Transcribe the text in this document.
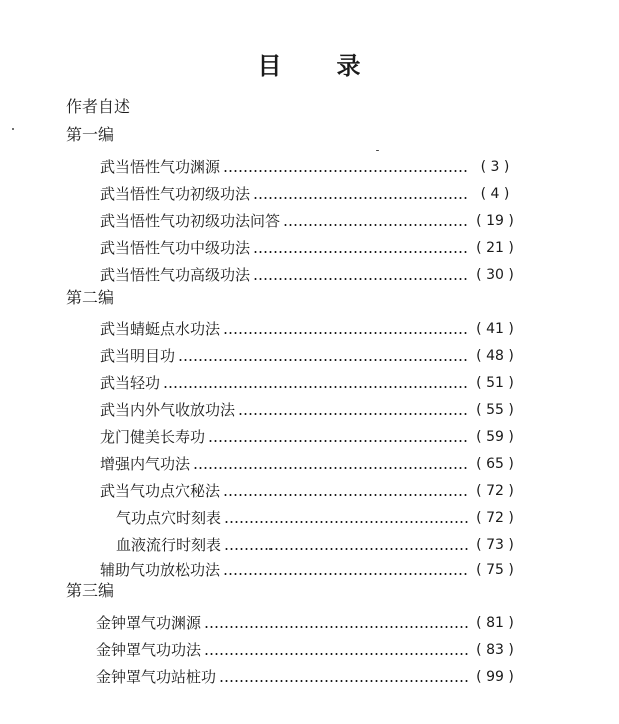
目 录
作者自述
第一编
武当悟性气功渊源	( 3 )
武当悟性气功初级功法	( 4 )
武当悟性气功初级功法问答	( 19 )
武当悟性气功中级功法	( 21 )
武当悟性气功高级功法	( 30 )
第二编
武当蜻蜓点水功法	( 41 )
武当明目功	( 48 )
武当轻功	( 51 )
武当内外气收放功法	( 55 )
龙门健美长寿功	( 59 )
增强内气功法	( 65 )
武当气功点穴秘法	( 72 )
气功点穴时刻表	( 72 )
血液流行时刻表	( 73 )
辅助气功放松功法	( 75 )
第三编
金钟罩气功渊源	( 81 )
金钟罩气功功法	( 83 )
金钟罩气功站桩功	( 99 )
